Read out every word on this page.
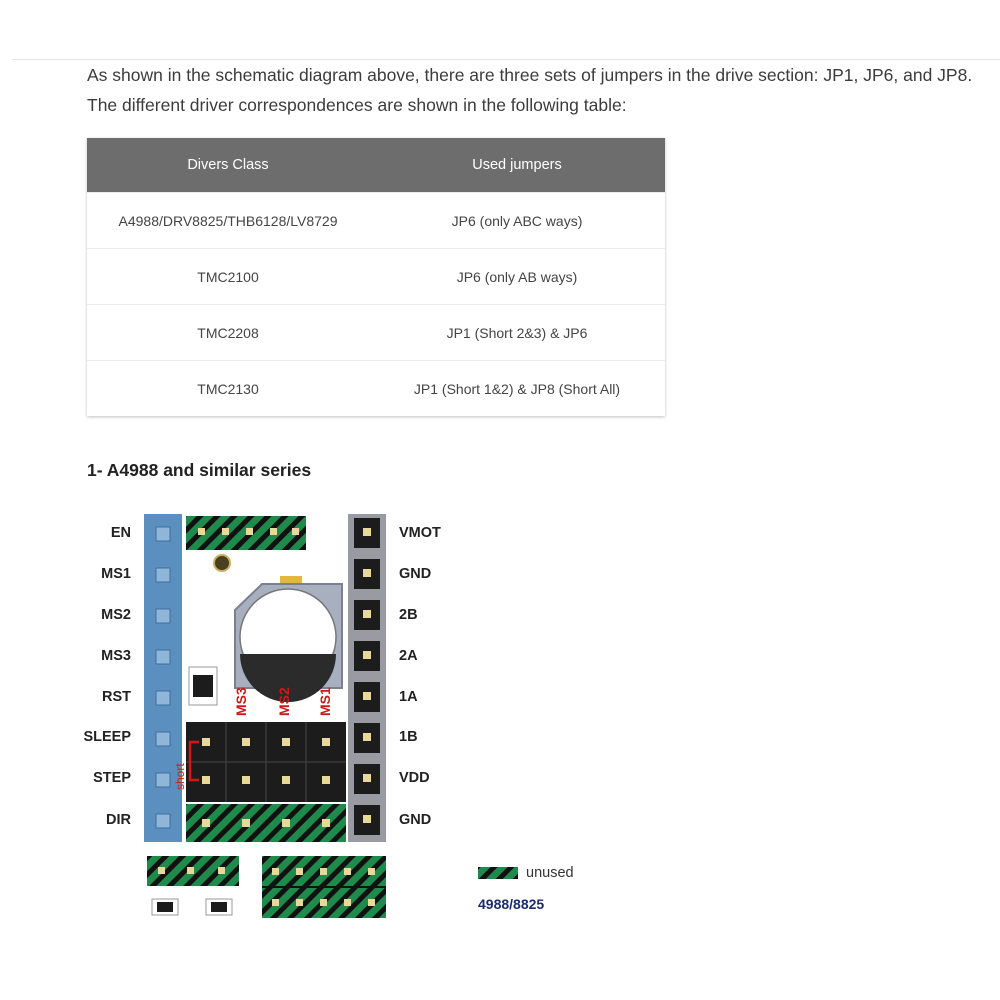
As shown in the schematic diagram above, there are three sets of jumpers in the drive section: JP1, JP6, and JP8. The different driver correspondences are shown in the following table:

Divers Class	Used jumpers
A4988/DRV8825/THB6128/LV8729	JP6 (only ABC ways)
TMC2100	JP6 (only AB ways)
TMC2208	JP1 (Short 2&3) & JP6
TMC2130	JP1 (Short 1&2) & JP8 (Short All)
1- A4988 and similar series
MS3 MS2 MS1
short
EN
MS1
MS2
MS3
RST
SLEEP
STEP
DIR
VMOT
GND
2B
2A
1A
1B
VDD
GND
unused
4988/8825
